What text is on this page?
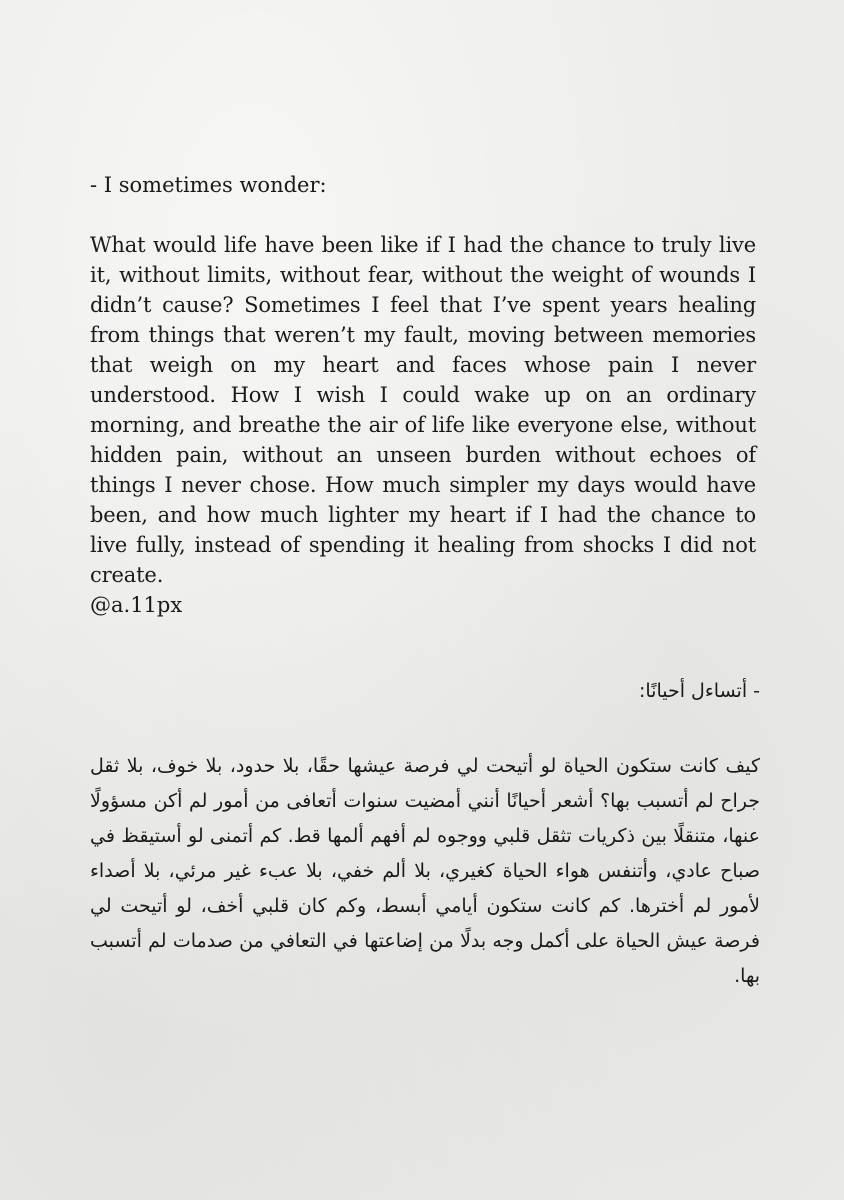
- I sometimes wonder:

What would life have been like if I had the chance to truly live it, without limits, without fear, without the weight of wounds I didn’t cause? Sometimes I feel that I’ve spent years healing from things that weren’t my fault, moving between memories that weigh on my heart and faces whose pain I never understood. How I wish I could wake up on an ordinary morning, and breathe the air of life like everyone else, without hidden pain, without an unseen burden without echoes of things I never chose. How much simpler my days would have been, and how much lighter my heart if I had the chance to live fully, instead of spending it healing from shocks I did not create.

@a.11px

- أتساءل أحيانًا:

كيف كانت ستكون الحياة لو أتيحت لي فرصة عيشها حقًا، بلا حدود، بلا خوف، بلا ثقل جراح لم أتسبب بها؟ أشعر أحيانًا أنني أمضيت سنوات أتعافى من أمور لم أكن مسؤولًا عنها، متنقلًا بين ذكريات تثقل قلبي ووجوه لم أفهم ألمها قط. كم أتمنى لو أستيقظ في صباح عادي، وأتنفس هواء الحياة كغيري، بلا ألم خفي، بلا عبء غير مرئي، بلا أصداء لأمور لم أخترها. كم كانت ستكون أيامي أبسط، وكم كان قلبي أخف، لو أتيحت لي فرصة عيش الحياة على أكمل وجه بدلًا من إضاعتها في التعافي من صدمات لم أتسبب بها.
